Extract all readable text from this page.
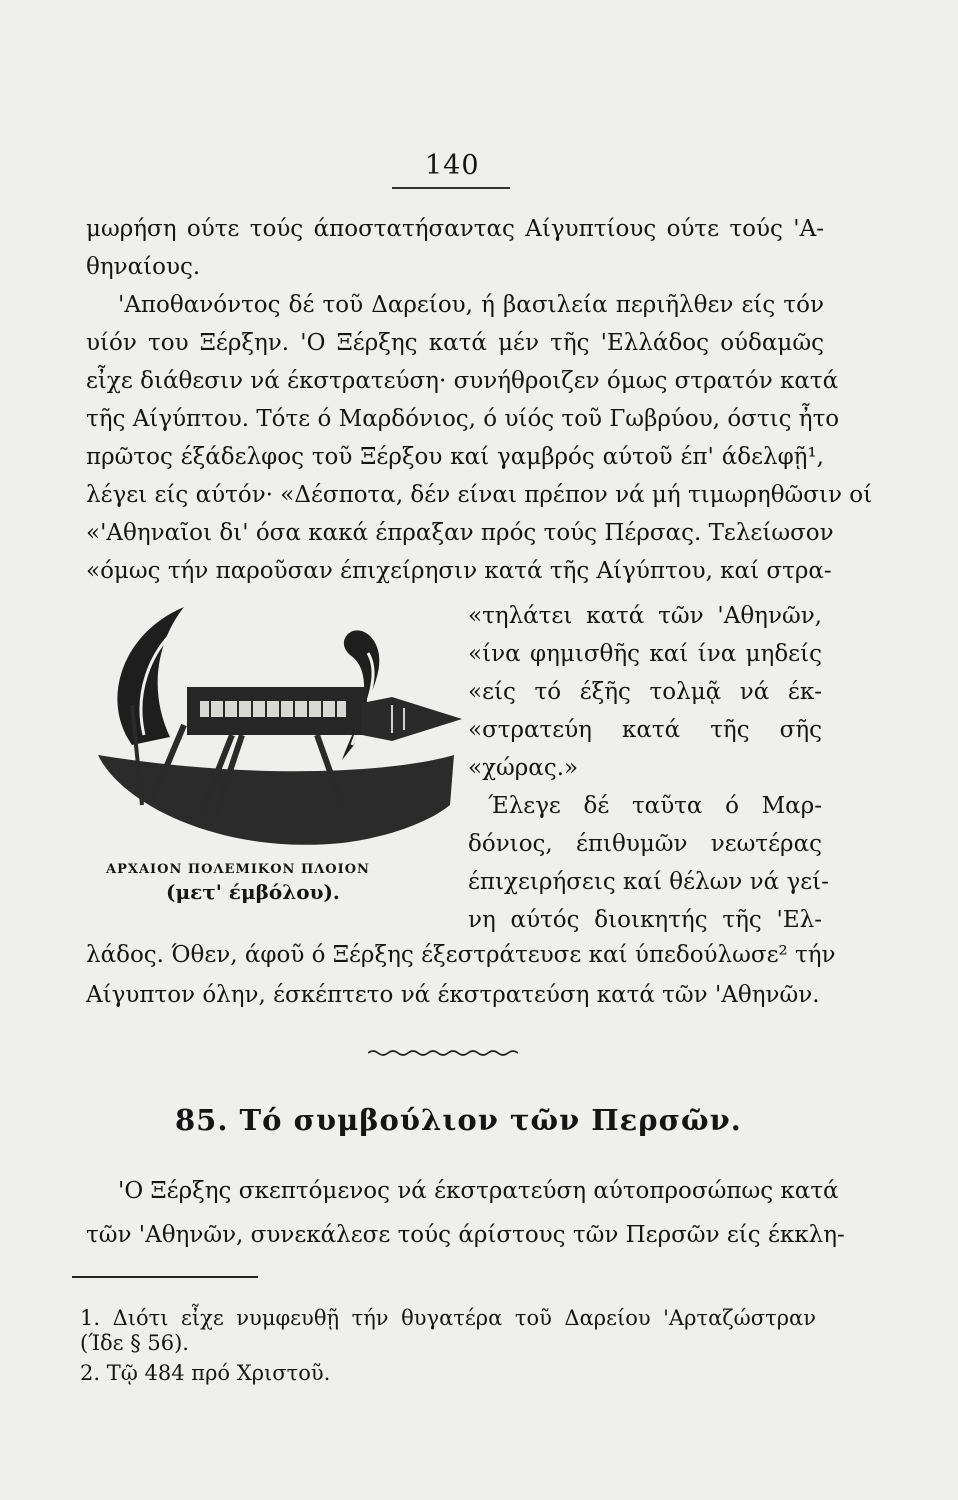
140
μωρήση ούτε τούς άποστατήσαντας Αίγυπτίους ούτε τούς 'Α-
θηναίους.
'Αποθανόντος δέ τοῦ Δαρείου, ή βασιλεία περιῆλθεν είς τόν
υίόν του Ξέρξην. 'Ο Ξέρξης κατά μέν τῆς 'Ελλάδος ούδαμῶς
εἶχε διάθεσιν νά έκστρατεύση· συνήθροιζεν όμως στρατόν κατά
τῆς Αίγύπτου. Τότε ό Μαρδόνιος, ό υίός τοῦ Γωβρύου, όστις ἦτο
πρῶτος έξάδελφος τοῦ Ξέρξου καί γαμβρός αύτοῦ έπ' άδελφῇ¹,
λέγει είς αύτόν· «Δέσποτα, δέν είναι πρέπον νά μή τιμωρηθῶσιν οί
«'Αθηναῖοι δι' όσα κακά έπραξαν πρός τούς Πέρσας. Τελείωσον
«όμως τήν παροῦσαν έπιχείρησιν κατά τῆς Αίγύπτου, καί στρα-
«τηλάτει κατά τῶν 'Αθηνῶν,
«ίνα φημισθῆς καί ίνα μηδείς
«είς τό έξῆς τολμᾷ νά έκ-
«στρατεύη κατά τῆς σῆς
«χώρας.»
Έλεγε δέ ταῦτα ό Μαρ-
δόνιος, έπιθυμῶν νεωτέρας
έπιχειρήσεις καί θέλων νά γεί-
νη αύτός διοικητής τῆς 'Ελ-
ΑΡΧΑΙΟΝ ΠΟΛΕΜΙΚΟΝ ΠΛΟΙΟΝ
(μετ' έμβόλου).
λάδος. Όθεν, άφοῦ ό Ξέρξης έξεστράτευσε καί ύπεδούλωσε² τήν
Αίγυπτον όλην, έσκέπτετο νά έκστρατεύση κατά τῶν 'Αθηνῶν.
85. Τό συμβούλιον τῶν Περσῶν.
'Ο Ξέρξης σκεπτόμενος νά έκστρατεύση αύτοπροσώπως κατά
τῶν 'Αθηνῶν, συνεκάλεσε τούς άρίστους τῶν Περσῶν είς έκκλη-
1. Διότι εἶχε νυμφευθῇ τήν θυγατέρα τοῦ Δαρείου 'Αρταζώστραν
(Ίδε § 56).
2. Τῷ 484 πρό Χριστοῦ.
